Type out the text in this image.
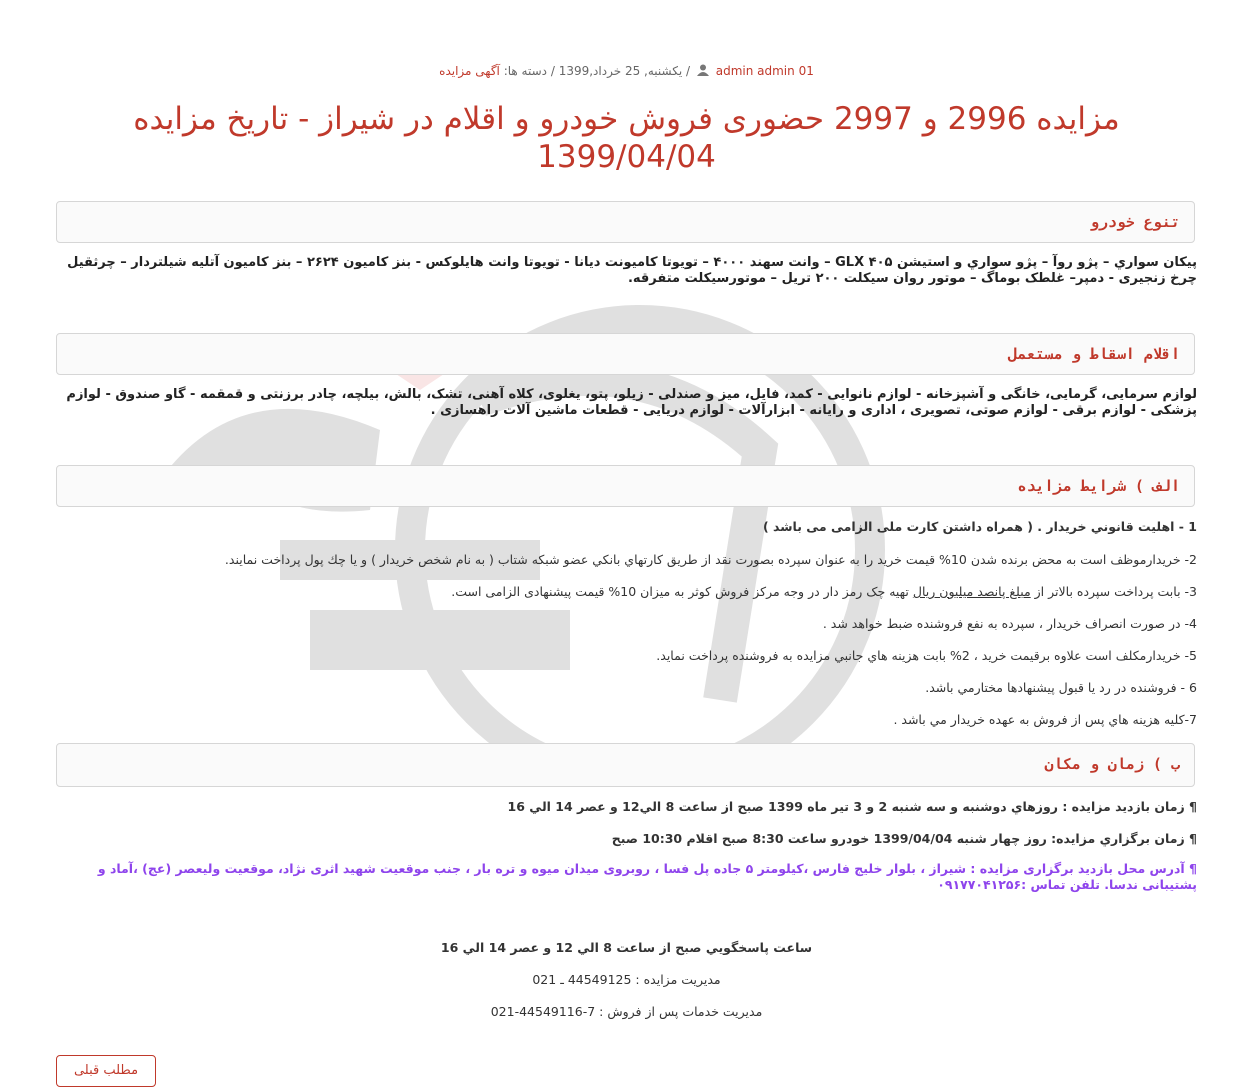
admin admin 01  / يکشنبه, 25 خرداد,1399 / دسته ها: آگهی مزایده
مزایده 2996 و 2997 حضوری فروش خودرو و اقلام در شیراز - تاریخ مزایده 1399/04/04
تنوع خودرو

پيکان سواري – پژو روآ – پژو سواري و استیشن GLX ۴۰۵ – وانت سهند ۴۰۰۰ – تويوتا کاميونت ديانا - تويوتا وانت هايلوکس - بنز کاميون ۲۶۲۴ – بنز کاميون آتليه شيلتردار – چرثقيل چرخ زنجيری - دمپر– غلطک بوماگ – موتور روان سيکلت ۲۰۰ تريل – موتورسيکلت متفرقه.

اقلام اسقاط و مستعمل

لوازم سرمایی، گرمایی، خانگی و آشپزخانه - لوازم نانوایی - کمد، فایل، میز و صندلی - زیلو، پتو، یغلوی، کلاه آهنی، تشک، بالش، بیلچه، چادر برزنتی و قمقمه - گاو صندوق - لوازم پزشکی - لوازم برقی - لوازم صوتی، تصویری ، اداری و رایانه - ابزارآلات - لوازم دریایی - قطعات ماشین آلات راهسازی .

الف ) شرايط مزايده

1 - اهليت قانوني خريدار . ( همراه داشتن کارت ملی الزامی می باشد )

2- خريدارموظف است به محض برنده شدن 10% قيمت خريد را به عنوان سپرده بصورت نقد از طريق کارتهاي بانکي عضو شبکه شتاب ( به نام شخص خريدار ) و يا چك پول پرداخت نمايند.

3- بابت پرداخت سپرده بالاتر از مبلغ پانصد میلیون ریال تهیه چک رمز دار در وجه مرکز فروش کوثر به میزان 10% قیمت پیشنهادی الزامی است.

4- در صورت انصراف خريدار ، سپرده به نفع فروشنده ضبط خواهد شد .

5- خريدارمكلف است علاوه برقيمت خريد ، 2% بابت هزينه هاي جانبي مزايده به فروشنده پرداخت نمايد.

6 - فروشنده در رد يا قبول پيشنهادها مختارمي باشد.

7-كليه هزينه هاي پس از فروش به عهده خريدار مي باشد .

ب ) زمان و مكان

¶ زمان بازديد مزايده : روزهاي دوشنبه و سه شنبه 2 و 3 تير ماه 1399 صبح از ساعت 8 الي12 و عصر 14 الي 16

¶ زمان برگزاري مزايده: روز چهار شنبه 1399/04/04 خودرو ساعت 8:30 صبح اقلام 10:30 صبح

¶ آدرس محل بازدید برگزاری مزایده : شیراز ، بلوار خلیج فارس ،کیلومتر ۵ جاده پل فسا ، روبروی میدان میوه و تره بار ، جنب موقعیت شهید اثری نژاد، موقعیت ولیعصر (عج) ،آماد و پشتیبانی ندسا. تلفن تماس :۰۹۱۷۷۰۴۱۲۵۶

ساعت پاسخگويي صبح از ساعت 8 الي 12 و عصر 14 الي 16

مديريت مزايده : 44549125 ـ 021

مديريت خدمات پس از فروش : 7-44549116-021

مطلب قبلی
